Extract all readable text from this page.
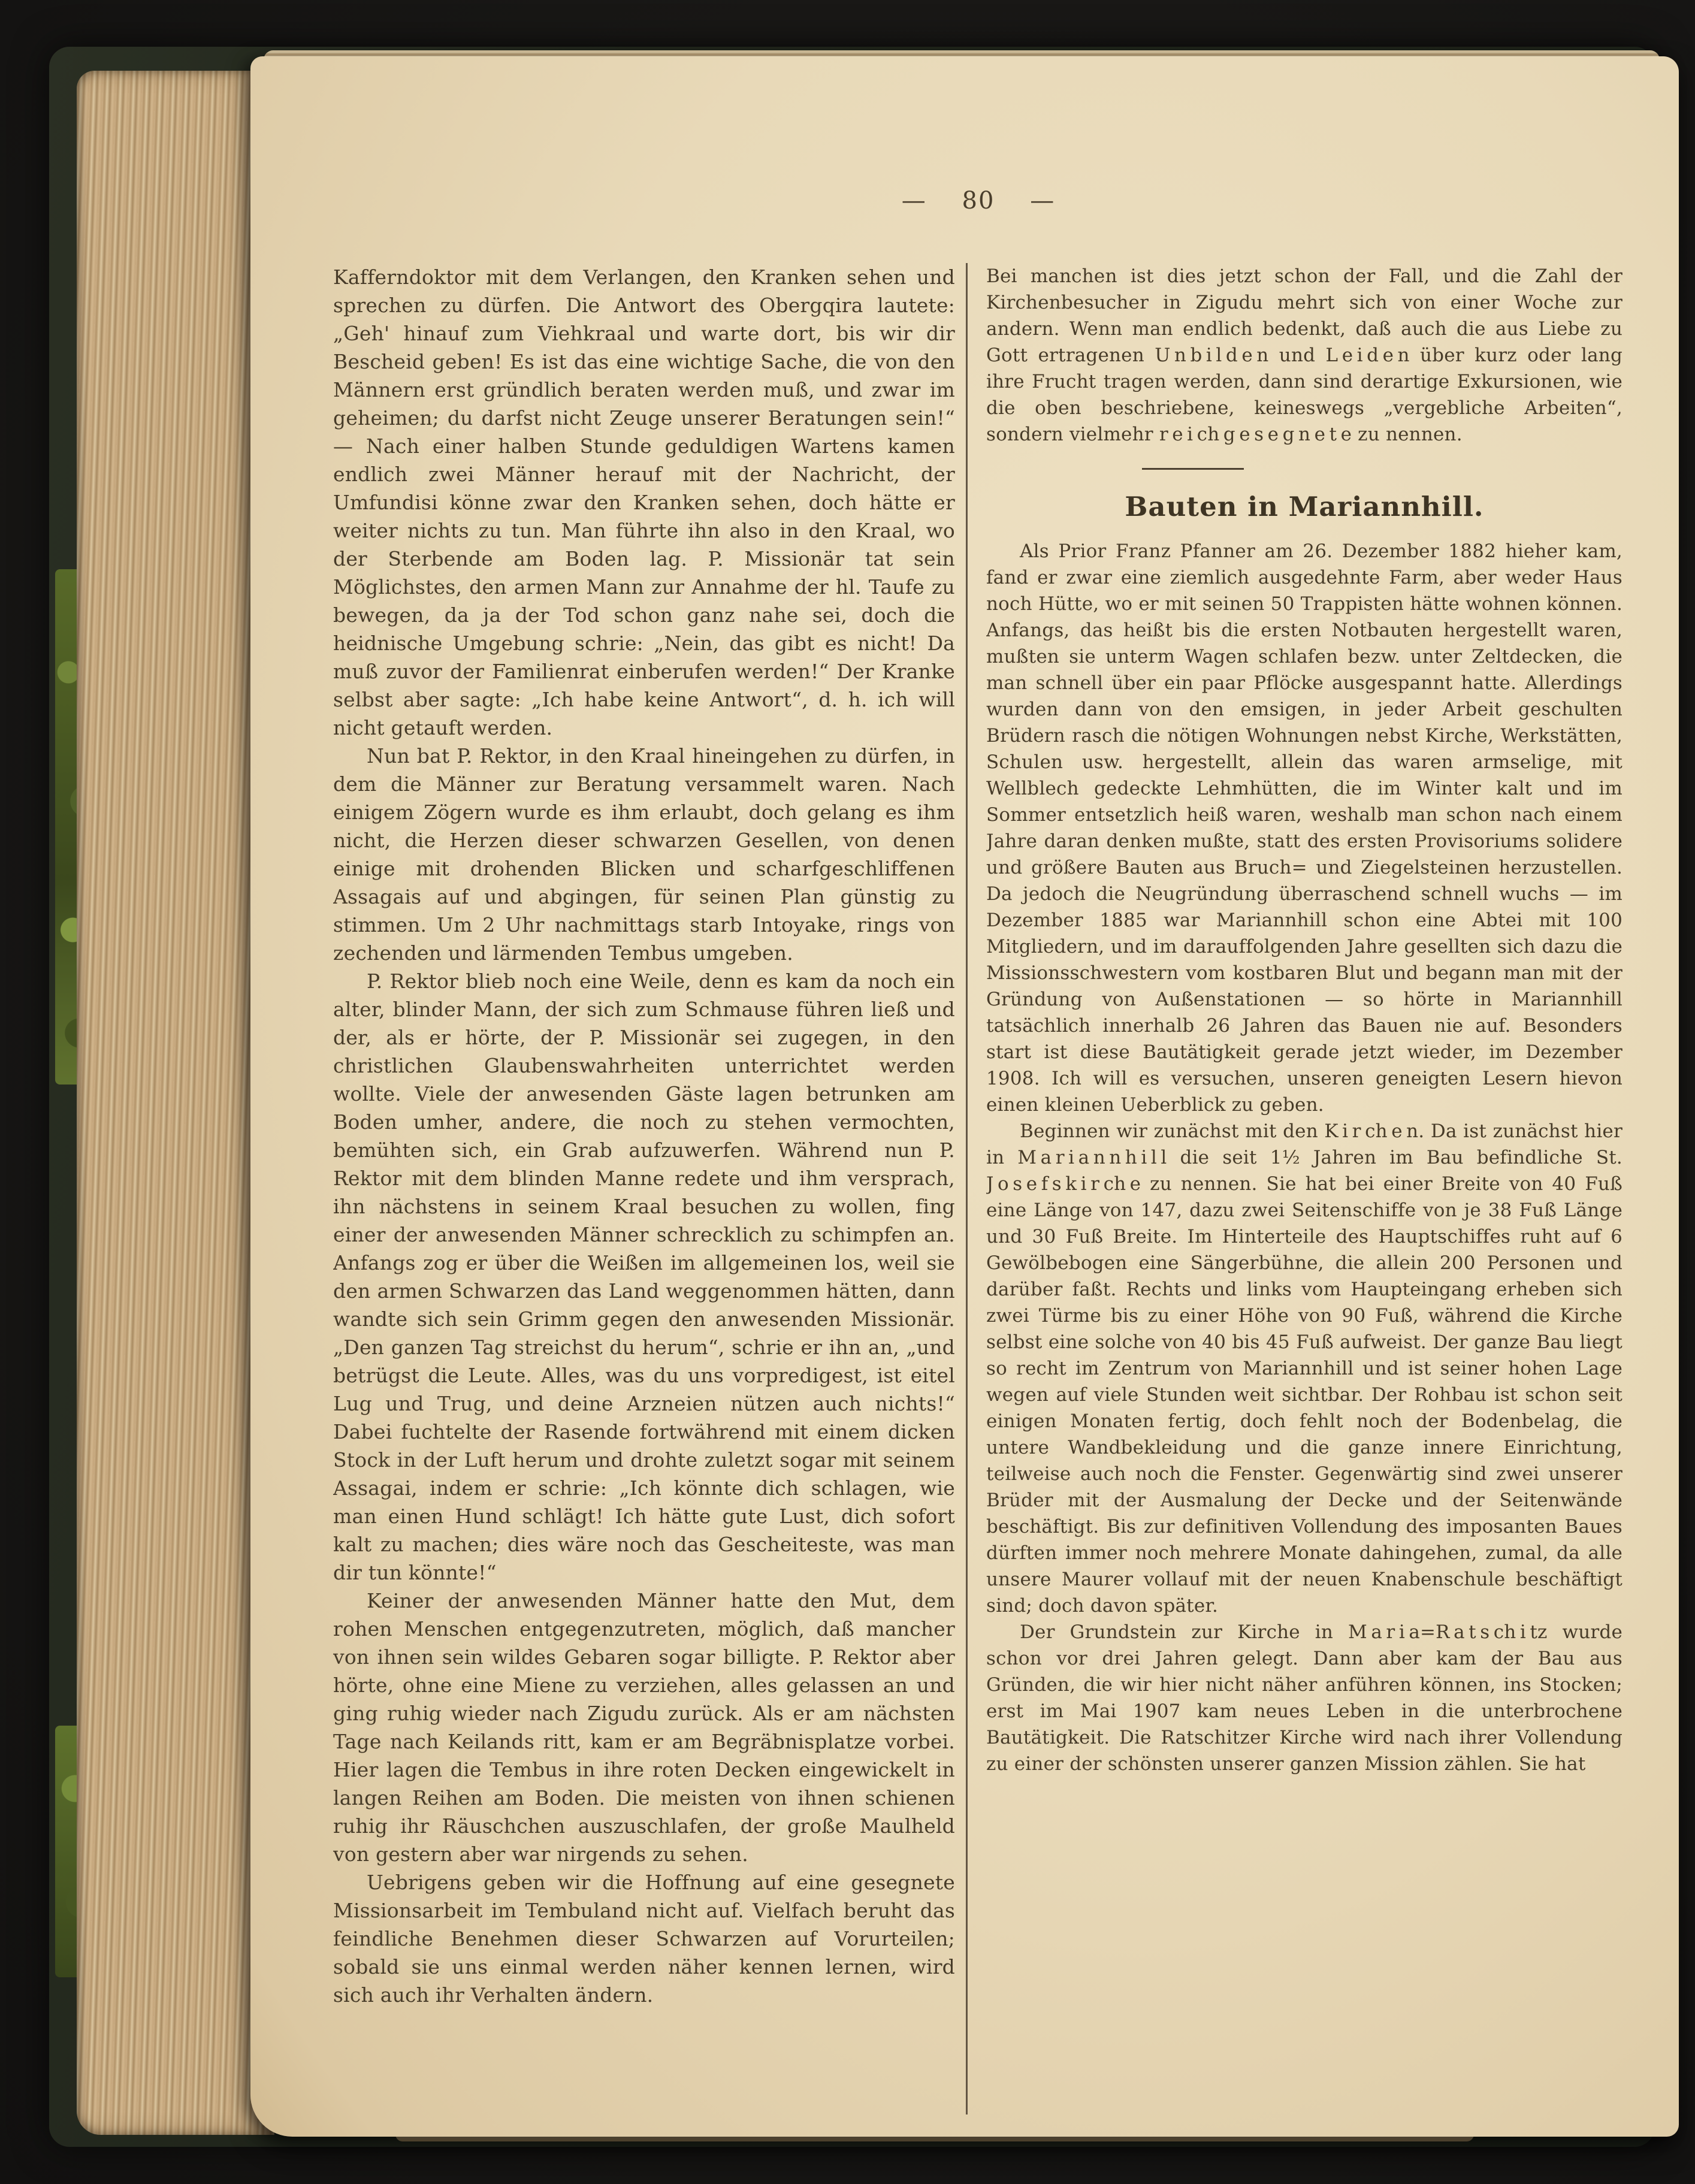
—    80    —

Kafferndoktor mit dem Verlangen, den Kranken sehen und sprechen zu dürfen. Die Antwort des Obergqira lautete: „Geh' hinauf zum Viehkraal und warte dort, bis wir dir Bescheid geben! Es ist das eine wichtige Sache, die von den Männern erst gründlich beraten werden muß, und zwar im geheimen; du darfst nicht Zeuge unserer Beratungen sein!“ — Nach einer halben Stunde geduldigen Wartens kamen endlich zwei Männer herauf mit der Nachricht, der Umfundisi könne zwar den Kranken sehen, doch hätte er weiter nichts zu tun. Man führte ihn also in den Kraal, wo der Sterbende am Boden lag. P. Missionär tat sein Möglichstes, den armen Mann zur Annahme der hl. Taufe zu bewegen, da ja der Tod schon ganz nahe sei, doch die heidnische Umgebung schrie: „Nein, das gibt es nicht! Da muß zuvor der Familienrat einberufen werden!“ Der Kranke selbst aber sagte: „Ich habe keine Antwort“, d. h. ich will nicht getauft werden.

Nun bat P. Rektor, in den Kraal hineingehen zu dürfen, in dem die Männer zur Beratung versammelt waren. Nach einigem Zögern wurde es ihm erlaubt, doch gelang es ihm nicht, die Herzen dieser schwarzen Gesellen, von denen einige mit drohenden Blicken und scharfgeschliffenen Assagais auf und abgingen, für seinen Plan günstig zu stimmen. Um 2 Uhr nachmittags starb Intoyake, rings von zechenden und lärmenden Tembus umgeben.

P. Rektor blieb noch eine Weile, denn es kam da noch ein alter, blinder Mann, der sich zum Schmause führen ließ und der, als er hörte, der P. Missionär sei zugegen, in den christlichen Glaubenswahrheiten unterrichtet werden wollte. Viele der anwesenden Gäste lagen betrunken am Boden umher, andere, die noch zu stehen vermochten, bemühten sich, ein Grab aufzuwerfen. Während nun P. Rektor mit dem blinden Manne redete und ihm versprach, ihn nächstens in seinem Kraal besuchen zu wollen, fing einer der anwesenden Männer schrecklich zu schimpfen an. Anfangs zog er über die Weißen im allgemeinen los, weil sie den armen Schwarzen das Land weggenommen hätten, dann wandte sich sein Grimm gegen den anwesenden Missionär. „Den ganzen Tag streichst du herum“, schrie er ihn an, „und betrügst die Leute. Alles, was du uns vorpredigest, ist eitel Lug und Trug, und deine Arzneien nützen auch nichts!“ Dabei fuchtelte der Rasende fortwährend mit einem dicken Stock in der Luft herum und drohte zuletzt sogar mit seinem Assagai, indem er schrie: „Ich könnte dich schlagen, wie man einen Hund schlägt! Ich hätte gute Lust, dich sofort kalt zu machen; dies wäre noch das Gescheiteste, was man dir tun könnte!“

Keiner der anwesenden Männer hatte den Mut, dem rohen Menschen entgegenzutreten, möglich, daß mancher von ihnen sein wildes Gebaren sogar billigte. P. Rektor aber hörte, ohne eine Miene zu verziehen, alles gelassen an und ging ruhig wieder nach Zigudu zurück. Als er am nächsten Tage nach Keilands ritt, kam er am Begräbnisplatze vorbei. Hier lagen die Tembus in ihre roten Decken eingewickelt in langen Reihen am Boden. Die meisten von ihnen schienen ruhig ihr Räuschchen auszuschlafen, der große Maulheld von gestern aber war nirgends zu sehen.

Uebrigens geben wir die Hoffnung auf eine gesegnete Missionsarbeit im Tembuland nicht auf. Vielfach beruht das feindliche Benehmen dieser Schwarzen auf Vorurteilen; sobald sie uns einmal werden näher kennen lernen, wird sich auch ihr Verhalten ändern.

Bei manchen ist dies jetzt schon der Fall, und die Zahl der Kirchenbesucher in Zigudu mehrt sich von einer Woche zur andern. Wenn man endlich bedenkt, daß auch die aus Liebe zu Gott ertragenen U n b i l d e n und L e i d e n über kurz oder lang ihre Frucht tragen werden, dann sind derartige Exkursionen, wie die oben beschriebene, keineswegs „vergebliche Arbeiten“, sondern vielmehr r e i ch g e s e g n e t e zu nennen.

Bauten in Mariannhill.

Als Prior Franz Pfanner am 26. Dezember 1882 hieher kam, fand er zwar eine ziemlich ausgedehnte Farm, aber weder Haus noch Hütte, wo er mit seinen 50 Trappisten hätte wohnen können. Anfangs, das heißt bis die ersten Notbauten hergestellt waren, mußten sie unterm Wagen schlafen bezw. unter Zeltdecken, die man schnell über ein paar Pflöcke ausgespannt hatte. Allerdings wurden dann von den emsigen, in jeder Arbeit geschulten Brüdern rasch die nötigen Wohnungen nebst Kirche, Werkstätten, Schulen usw. hergestellt, allein das waren armselige, mit Wellblech gedeckte Lehmhütten, die im Winter kalt und im Sommer entsetzlich heiß waren, weshalb man schon nach einem Jahre daran denken mußte, statt des ersten Provisoriums solidere und größere Bauten aus Bruch= und Ziegelsteinen herzustellen. Da jedoch die Neugründung überraschend schnell wuchs — im Dezember 1885 war Mariannhill schon eine Abtei mit 100 Mitgliedern, und im darauffolgenden Jahre gesellten sich dazu die Missionsschwestern vom kostbaren Blut und begann man mit der Gründung von Außenstationen — so hörte in Mariannhill tatsächlich innerhalb 26 Jahren das Bauen nie auf. Besonders start ist diese Bautätigkeit gerade jetzt wieder, im Dezember 1908. Ich will es versuchen, unseren geneigten Lesern hievon einen kleinen Ueberblick zu geben.

Beginnen wir zunächst mit den K i r ch e n. Da ist zunächst hier in M a r i a n n h i l l die seit 1½ Jahren im Bau befindliche St. J o s e f s k i r ch e zu nennen. Sie hat bei einer Breite von 40 Fuß eine Länge von 147, dazu zwei Seitenschiffe von je 38 Fuß Länge und 30 Fuß Breite. Im Hinterteile des Hauptschiffes ruht auf 6 Gewölbebogen eine Sängerbühne, die allein 200 Personen und darüber faßt. Rechts und links vom Haupteingang erheben sich zwei Türme bis zu einer Höhe von 90 Fuß, während die Kirche selbst eine solche von 40 bis 45 Fuß aufweist. Der ganze Bau liegt so recht im Zentrum von Mariannhill und ist seiner hohen Lage wegen auf viele Stunden weit sichtbar. Der Rohbau ist schon seit einigen Monaten fertig, doch fehlt noch der Bodenbelag, die untere Wandbekleidung und die ganze innere Einrichtung, teilweise auch noch die Fenster. Gegenwärtig sind zwei unserer Brüder mit der Ausmalung der Decke und der Seitenwände beschäftigt. Bis zur definitiven Vollendung des imposanten Baues dürften immer noch mehrere Monate dahingehen, zumal, da alle unsere Maurer vollauf mit der neuen Knabenschule beschäftigt sind; doch davon später.

Der Grundstein zur Kirche in M a r i a=R a t s ch i tz wurde schon vor drei Jahren gelegt. Dann aber kam der Bau aus Gründen, die wir hier nicht näher anführen können, ins Stocken; erst im Mai 1907 kam neues Leben in die unterbrochene Bautätigkeit. Die Ratschitzer Kirche wird nach ihrer Vollendung zu einer der schönsten unserer ganzen Mission zählen. Sie hat
